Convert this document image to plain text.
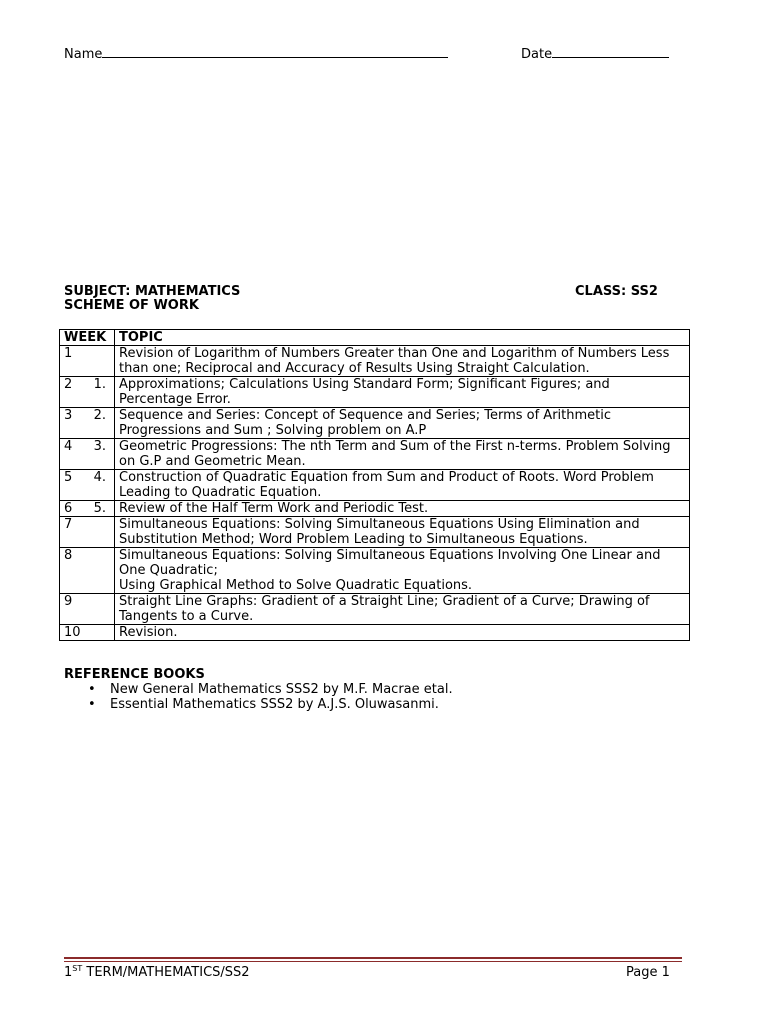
Name	Date
SUBJECT: MATHEMATICS	CLASS: SS2
SCHEME OF WORK
WEEK	TOPIC
1	Revision of Logarithm of Numbers Greater than One and Logarithm of Numbers Less than one; Reciprocal and Accuracy of Results Using Straight Calculation.
2 1.	Approximations; Calculations Using Standard Form; Significant Figures; and Percentage Error.
3 2.	Sequence and Series: Concept of Sequence and Series; Terms of Arithmetic Progressions and Sum ; Solving problem on A.P
4 3.	Geometric Progressions: The nth Term and Sum of the First n-terms. Problem Solving on G.P and Geometric Mean.
5 4.	Construction of Quadratic Equation from Sum and Product of Roots. Word Problem Leading to Quadratic Equation.
6 5.	Review of the Half Term Work and Periodic Test.
7	Simultaneous Equations: Solving Simultaneous Equations Using Elimination and Substitution Method; Word Problem Leading to Simultaneous Equations.
8	Simultaneous Equations: Solving Simultaneous Equations Involving One Linear and One Quadratic;
Using Graphical Method to Solve Quadratic Equations.
9	Straight Line Graphs: Gradient of a Straight Line; Gradient of a Curve; Drawing of Tangents to a Curve.
10	Revision.
REFERENCE BOOKS
• New General Mathematics SSS2 by M.F. Macrae etal.
• Essential Mathematics SSS2 by A.J.S. Oluwasanmi.
1ST TERM/MATHEMATICS/SS2	Page 1
